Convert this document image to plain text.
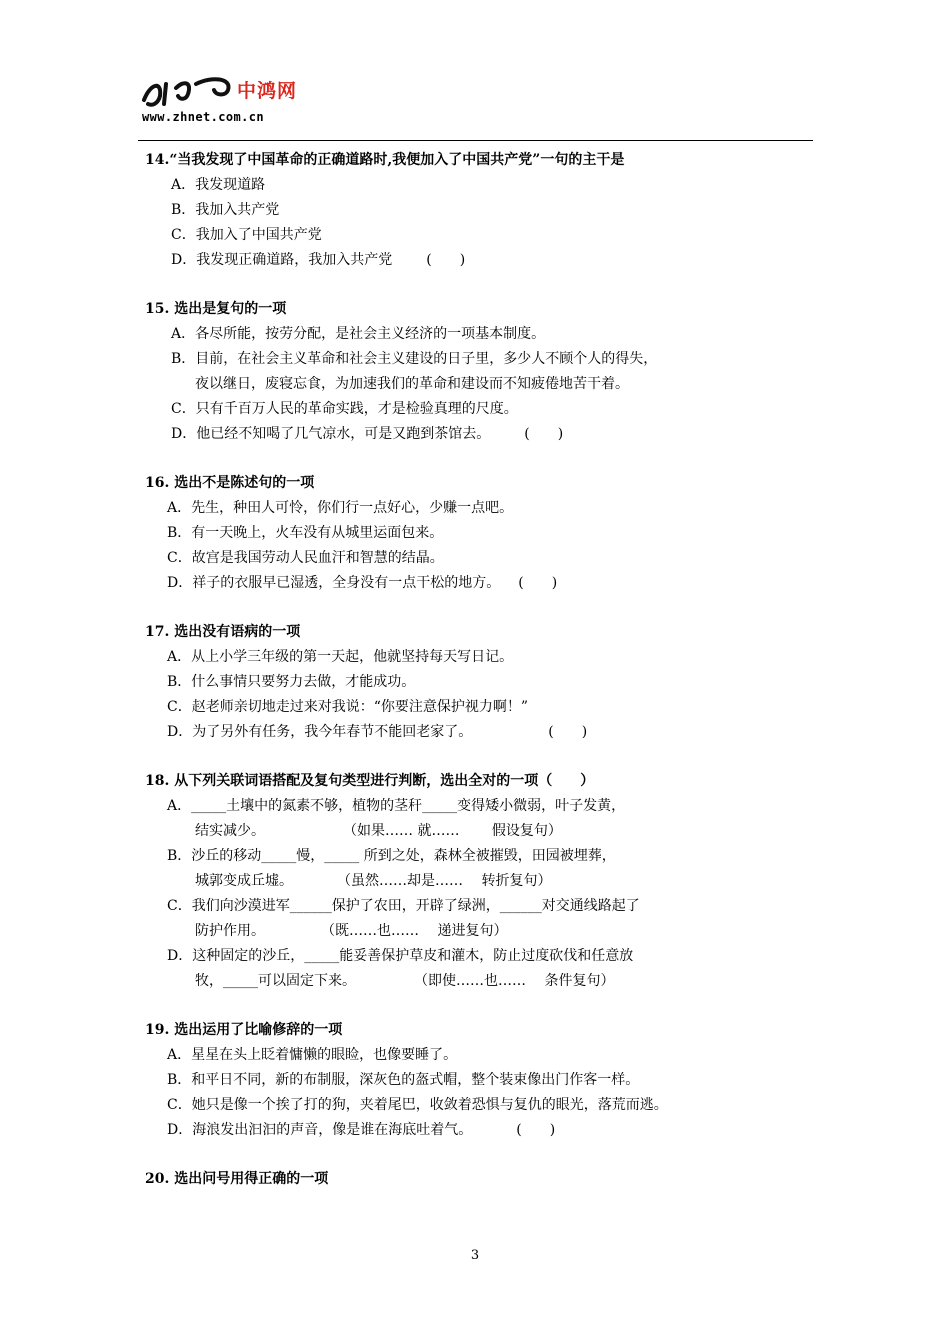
中鸿网
www.zhnet.com.cn
14.“当我发现了中国革命的正确道路时,我便加入了中国共产党”一句的主干是
A．我发现道路
B．我加入共产党
C．我加入了中国共产党
D．我发现正确道路，我加入共产党 (　　)
15. 选出是复句的一项
A．各尽所能，按劳分配，是社会主义经济的一项基本制度。
B．目前，在社会主义革命和社会主义建设的日子里，多少人不顾个人的得失，
夜以继日，废寝忘食，为加速我们的革命和建设而不知疲倦地苦干着。
C．只有千百万人民的革命实践，才是检验真理的尺度。
D．他已经不知喝了几气凉水，可是又跑到茶馆去。 (　　)
16. 选出不是陈述句的一项
A．先生，种田人可怜，你们行一点好心，少赚一点吧。
B．有一天晚上，火车没有从城里运面包来。
C．故宫是我国劳动人民血汗和智慧的结晶。
D．祥子的衣服早已湿透，全身没有一点干松的地方。 (　　)
17. 选出没有语病的一项
A．从上小学三年级的第一天起，他就坚持每天写日记。
B．什么事情只要努力去做，才能成功。
C．赵老师亲切地走过来对我说：“你要注意保护视力啊！”
D．为了另外有任务，我今年春节不能回老家了。	(　　)
18. 从下列关联词语搭配及复句类型进行判断，选出全对的一项（　　）
A．_____土壤中的氮素不够，植物的茎秆_____变得矮小微弱，叶子发黄，
结实减少。	（如果…… 就……　　 假设复句）
B．沙丘的移动_____慢，_____ 所到之处，森林全被摧毁，田园被埋葬，
城郭变成丘墟。	（虽然……却是……　 转折复句）
C．我们向沙漠进军______保护了农田，开辟了绿洲，______对交通线路起了
防护作用。	（既……也……　 递进复句）
D．这种固定的沙丘，_____能妥善保护草皮和灌木，防止过度砍伐和任意放
牧，_____可以固定下来。	（即使……也……　 条件复句）
19. 选出运用了比喻修辞的一项
A．星星在头上眨着慵懒的眼睑，也像要睡了。
B．和平日不同，新的布制服，深灰色的盔式帽，整个装束像出门作客一样。
C．她只是像一个挨了打的狗，夹着尾巴，收敛着恐惧与复仇的眼光，落荒而逃。
D．海浪发出汩汩的声音，像是谁在海底吐着气。	(　　)
20. 选出问号用得正确的一项
3
